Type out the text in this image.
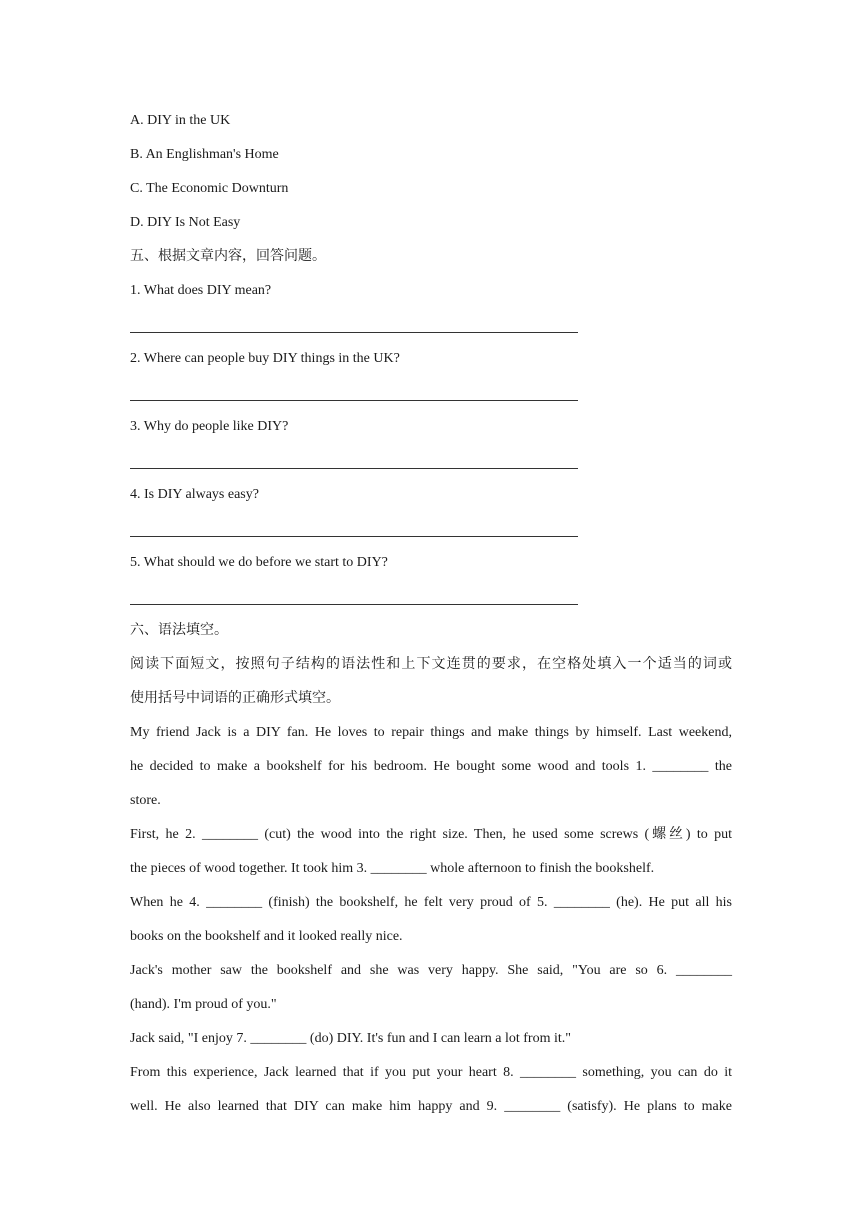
A. DIY in the UK

B. An Englishman's Home

C. The Economic Downturn

D. DIY Is Not Easy

五、根据文章内容，回答问题。

1. What does DIY mean?

2. Where can people buy DIY things in the UK?

3. Why do people like DIY?

4. Is DIY always easy?

5. What should we do before we start to DIY?

六、语法填空。

阅读下面短文，按照句子结构的语法性和上下文连贯的要求，在空格处填入一个适当的词或

使用括号中词语的正确形式填空。

My friend Jack is a DIY fan. He loves to repair things and make things by himself. Last weekend,

he decided to make a bookshelf for his bedroom. He bought some wood and tools 1. ________ the

store.

First, he 2. ________ (cut) the wood into the right size. Then, he used some screws (螺丝) to put

the pieces of wood together. It took him 3. ________ whole afternoon to finish the bookshelf.

When he 4. ________ (finish) the bookshelf, he felt very proud of 5. ________ (he). He put all his

books on the bookshelf and it looked really nice.

Jack's mother saw the bookshelf and she was very happy. She said, "You are so 6. ________

(hand). I'm proud of you."

Jack said, "I enjoy 7. ________ (do) DIY. It's fun and I can learn a lot from it."

From this experience, Jack learned that if you put your heart 8. ________ something, you can do it

well. He also learned that DIY can make him happy and 9. ________ (satisfy). He plans to make
